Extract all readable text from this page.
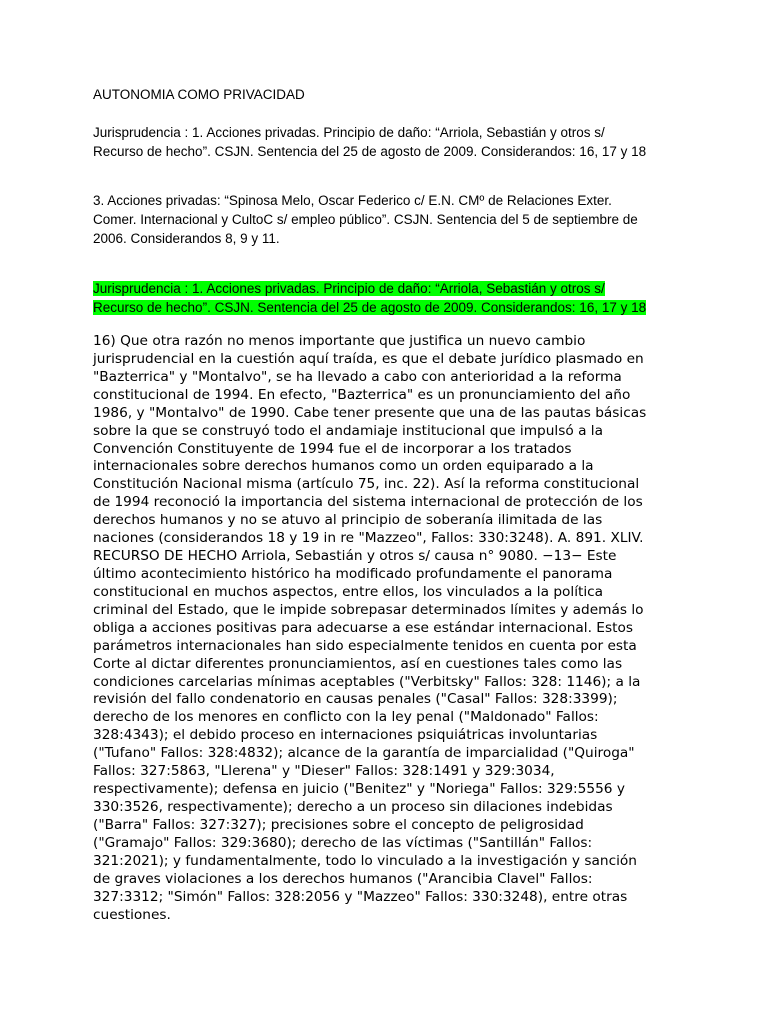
AUTONOMIA COMO PRIVACIDAD

Jurisprudencia : 1. Acciones privadas. Principio de daño: “Arriola, Sebastián y otros s/
Recurso de hecho”. CSJN. Sentencia del 25 de agosto de 2009. Considerandos: 16, 17 y 18

3. Acciones privadas: “Spinosa Melo, Oscar Federico c/ E.N. CMº de Relaciones Exter.
Comer. Internacional y CultoC s/ empleo público”. CSJN. Sentencia del 5 de septiembre de
2006. Considerandos 8, 9 y 11.

Jurisprudencia : 1. Acciones privadas. Principio de daño: “Arriola, Sebastián y otros s/
Recurso de hecho”. CSJN. Sentencia del 25 de agosto de 2009. Considerandos: 16, 17 y 18

16) Que otra razón no menos importante que justifica un nuevo cambio
jurisprudencial en la cuestión aquí traída, es que el debate jurídico plasmado en
"Bazterrica" y "Montalvo", se ha llevado a cabo con anterioridad a la reforma
constitucional de 1994. En efecto, "Bazterrica" es un pronunciamiento del año
1986, y "Montalvo" de 1990. Cabe tener presente que una de las pautas básicas
sobre la que se construyó todo el andamiaje institucional que impulsó a la
Convención Constituyente de 1994 fue el de incorporar a los tratados
internacionales sobre derechos humanos como un orden equiparado a la
Constitución Nacional misma (artículo 75, inc. 22). Así la reforma constitucional
de 1994 reconoció la importancia del sistema internacional de protección de los
derechos humanos y no se atuvo al principio de soberanía ilimitada de las
naciones (considerandos 18 y 19 in re "Mazzeo", Fallos: 330:3248). A. 891. XLIV.
RECURSO DE HECHO Arriola, Sebastián y otros s/ causa n° 9080. −13− Este
último acontecimiento histórico ha modificado profundamente el panorama
constitucional en muchos aspectos, entre ellos, los vinculados a la política
criminal del Estado, que le impide sobrepasar determinados límites y además lo
obliga a acciones positivas para adecuarse a ese estándar internacional. Estos
parámetros internacionales han sido especialmente tenidos en cuenta por esta
Corte al dictar diferentes pronunciamientos, así en cuestiones tales como las
condiciones carcelarias mínimas aceptables ("Verbitsky" Fallos: 328: 1146); a la
revisión del fallo condenatorio en causas penales ("Casal" Fallos: 328:3399);
derecho de los menores en conflicto con la ley penal ("Maldonado" Fallos:
328:4343); el debido proceso en internaciones psiquiátricas involuntarias
("Tufano" Fallos: 328:4832); alcance de la garantía de imparcialidad ("Quiroga"
Fallos: 327:5863, "Llerena" y "Dieser" Fallos: 328:1491 y 329:3034,
respectivamente); defensa en juicio ("Benitez" y "Noriega" Fallos: 329:5556 y
330:3526, respectivamente); derecho a un proceso sin dilaciones indebidas
("Barra" Fallos: 327:327); precisiones sobre el concepto de peligrosidad
("Gramajo" Fallos: 329:3680); derecho de las víctimas ("Santillán" Fallos:
321:2021); y fundamentalmente, todo lo vinculado a la investigación y sanción
de graves violaciones a los derechos humanos ("Arancibia Clavel" Fallos:
327:3312; "Simón" Fallos: 328:2056 y "Mazzeo" Fallos: 330:3248), entre otras
cuestiones.
